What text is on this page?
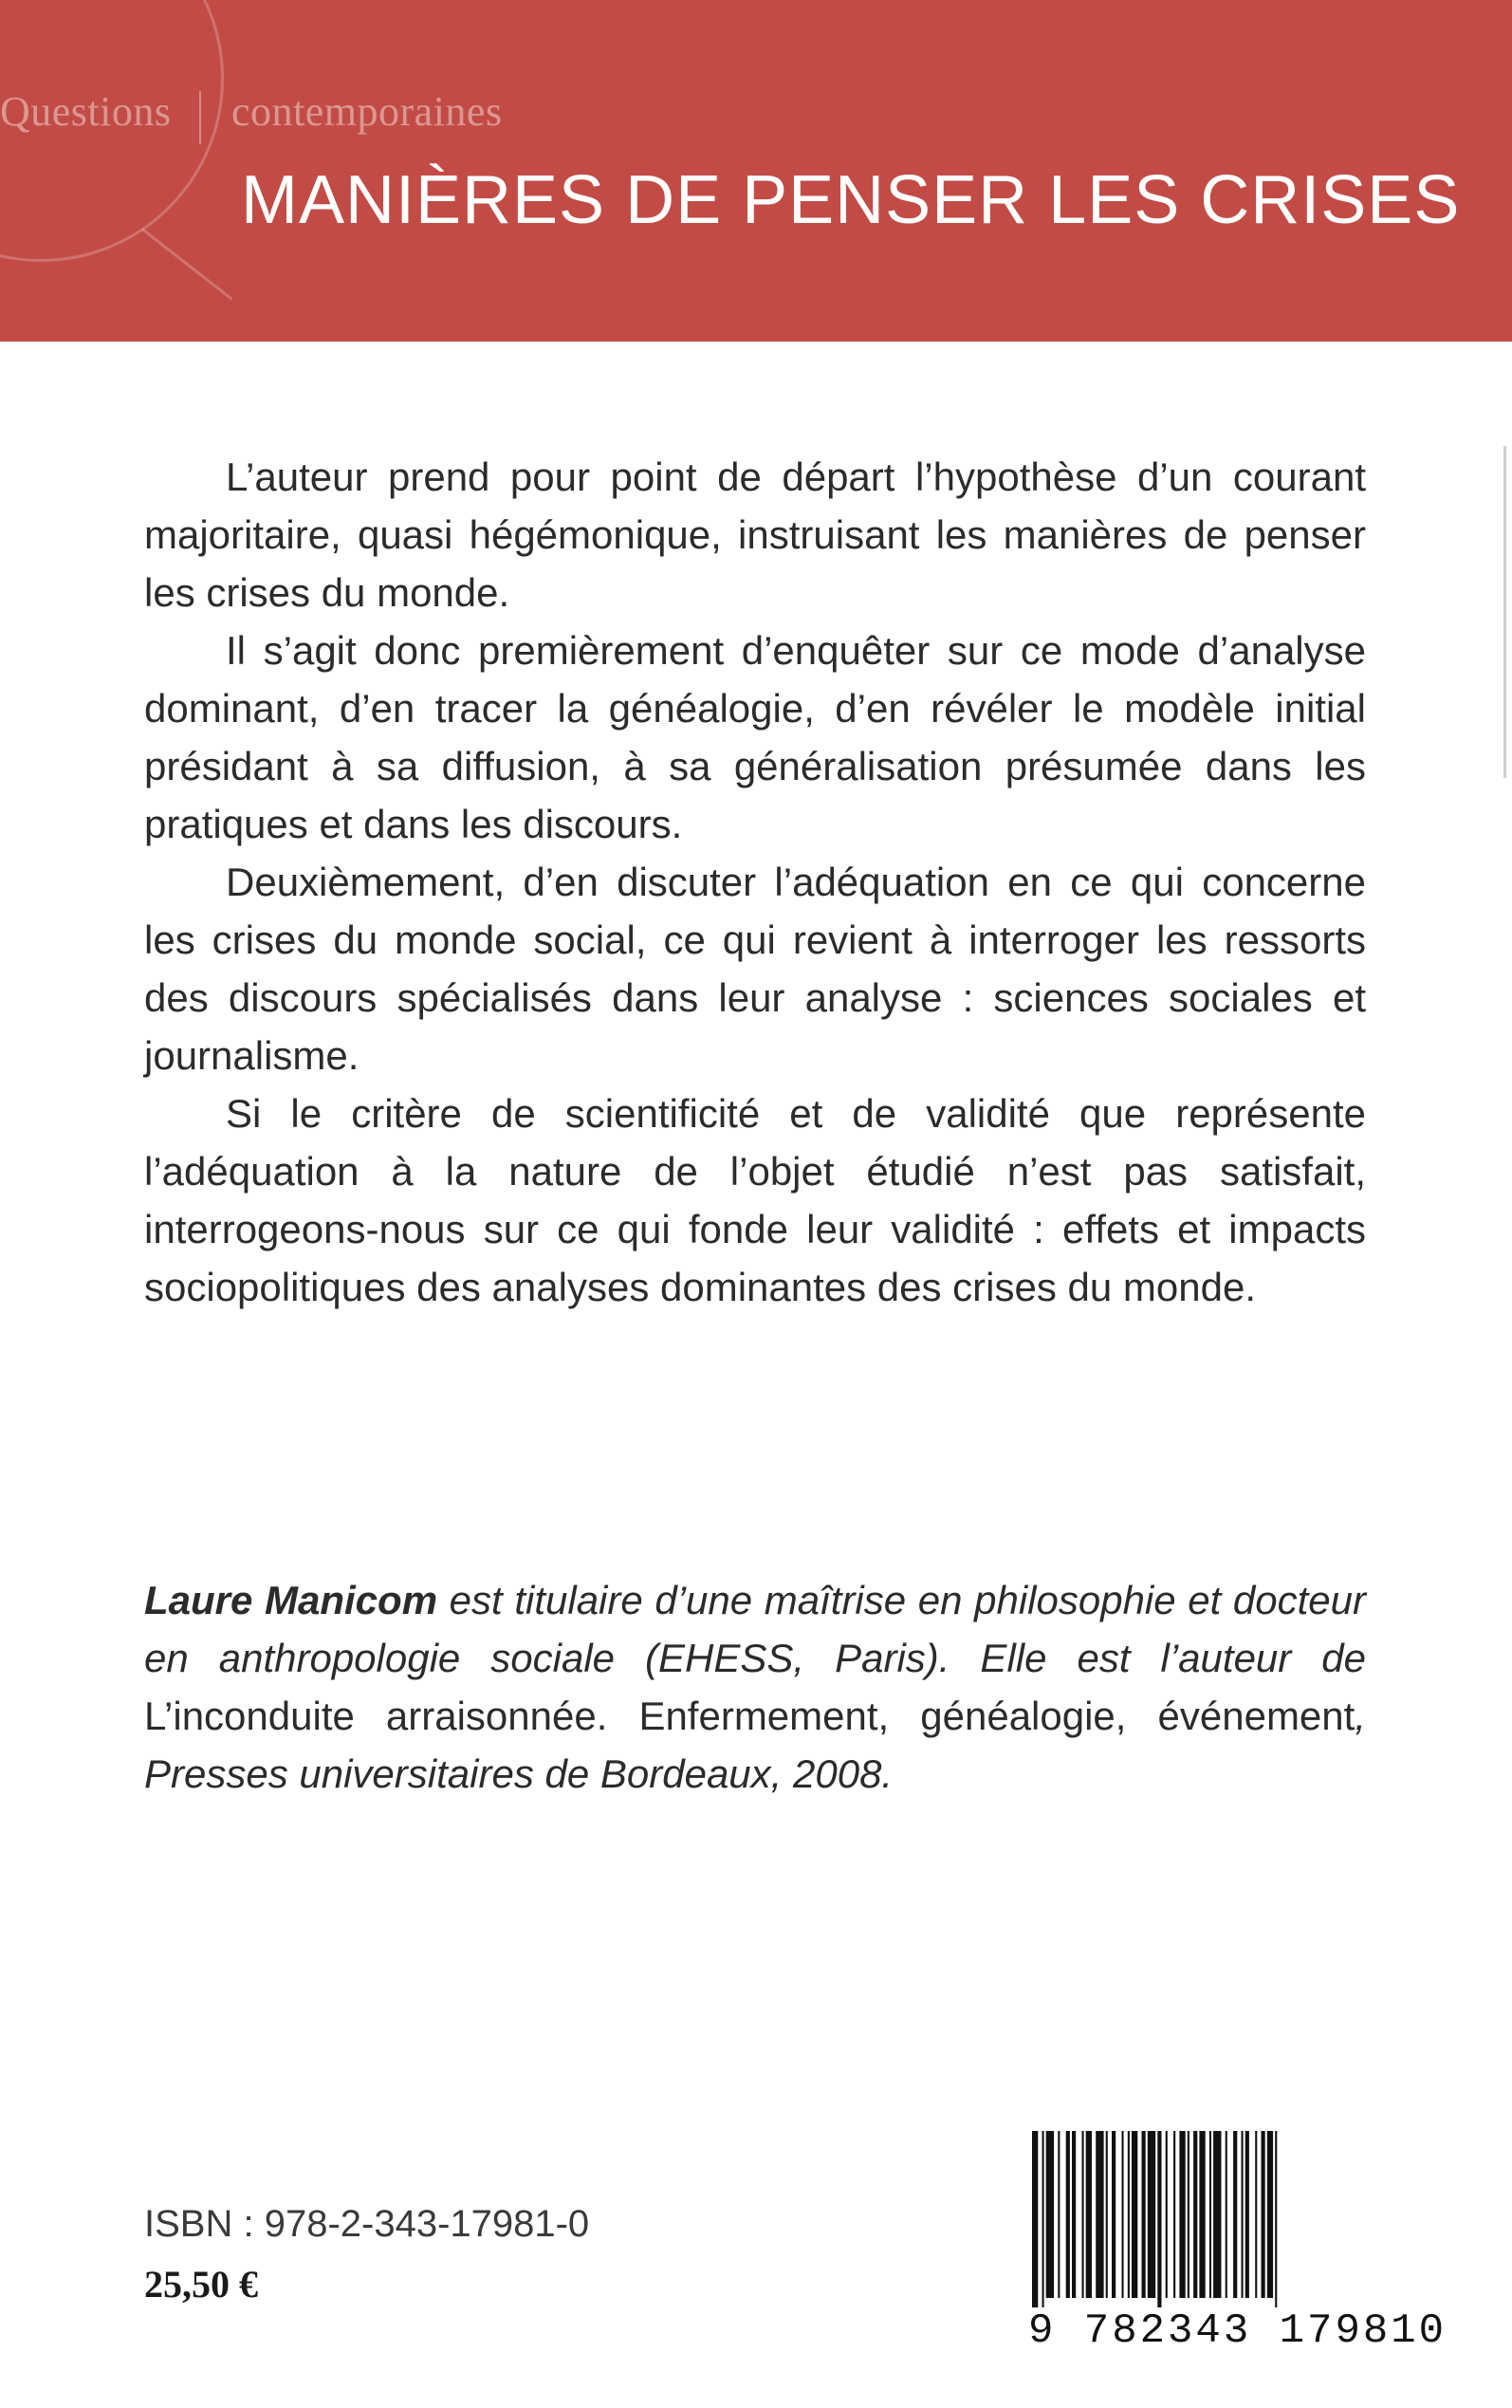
Questions contemporaines
MANIÈRES DE PENSER LES CRISES

L’auteur prend pour point de départ l’hypothèse d’un courant majoritaire, quasi hégémonique, instruisant les manières de penser les crises du monde.

Il s’agit donc premièrement d’enquêter sur ce mode d’analyse dominant, d’en tracer la généalogie, d’en révéler le modèle initial présidant à sa diffusion, à sa généralisation présumée dans les pratiques et dans les discours.

Deuxièmement, d’en discuter l’adéquation en ce qui concerne les crises du monde social, ce qui revient à interroger les ressorts des discours spécialisés dans leur analyse : sciences sociales et journalisme.

Si le critère de scientificité et de validité que représente l’adéquation à la nature de l’objet étudié n’est pas satisfait, interrogeons-nous sur ce qui fonde leur validité : effets et impacts sociopolitiques des analyses dominantes des crises du monde.

Laure Manicom est titulaire d’une maîtrise en philosophie et docteur en anthropologie sociale (EHESS, Paris). Elle est l’auteur de L’inconduite arraisonnée. Enfermement, généalogie, événement, Presses universitaires de Bordeaux, 2008.
ISBN : 978-2-343-17981-0
25,50 €
9 782343 179810
